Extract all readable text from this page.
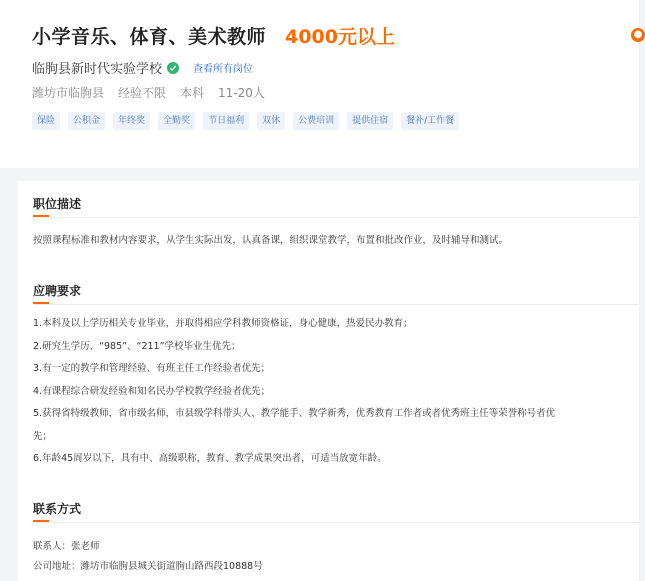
小学音乐、体育、美术教师 4000元以上	●
临朐县新时代实验学校	查看所有岗位
潍坊市临朐县 经验不限 本科 11-20人
保险	公积金	年终奖	全勤奖	节日福利	双休	公费培训	提供住宿	餐补/工作餐
职位描述
按照课程标准和教材内容要求，从学生实际出发，认真备课，组织课堂教学，布置和批改作业，及时辅导和测试。
应聘要求
1.本科及以上学历相关专业毕业，并取得相应学科教师资格证，身心健康，热爱民办教育；
2.研究生学历、“985”、“211”学校毕业生优先；
3.有一定的教学和管理经验、有班主任工作经验者优先；
4.有课程综合研发经验和知名民办学校教学经验者优先；
5.获得省特级教师，省市级名师，市县级学科带头人、教学能手、教学新秀，优秀教育工作者或者优秀班主任等荣誉称号者优
先；
6.年龄45周岁以下，具有中、高级职称，教育、教学成果突出者，可适当放宽年龄。
联系方式
联系人：张老师
公司地址：潍坊市临朐县城关街道朐山路西段10888号
